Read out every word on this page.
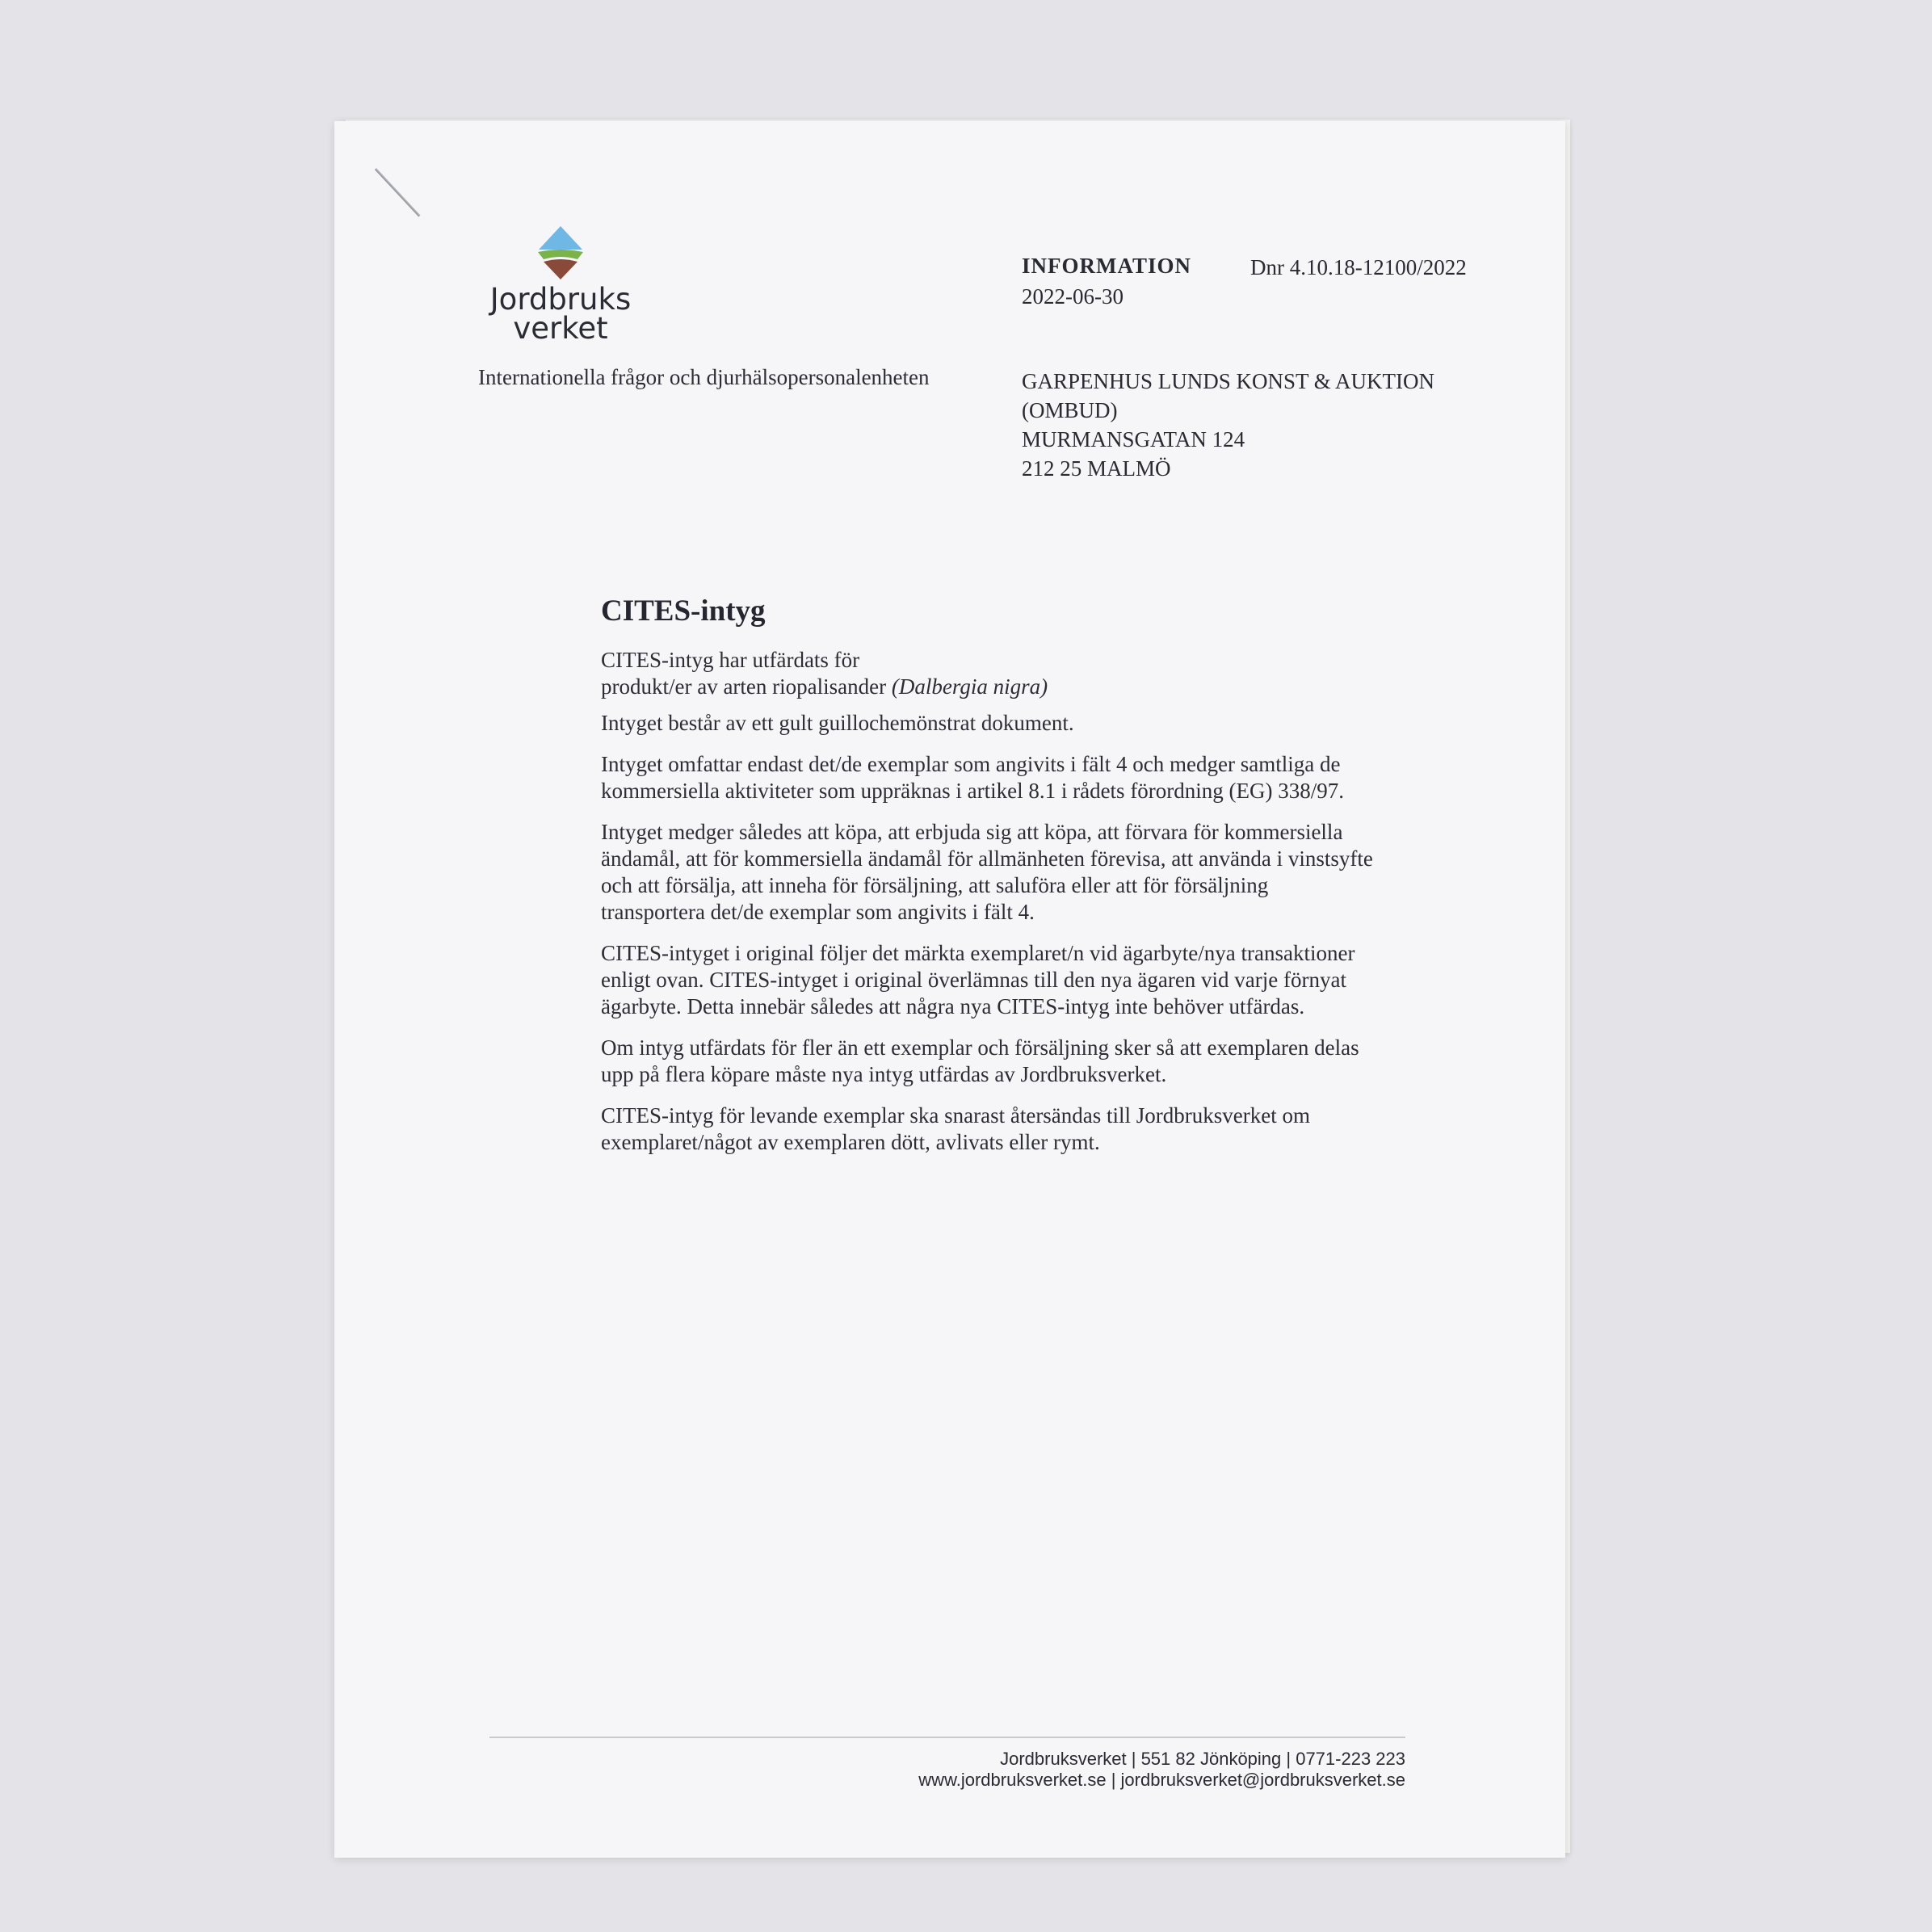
Jordbruks
verket
Internationella frågor och djurhälsopersonalenheten
INFORMATION	Dnr 4.10.18-12100/2022
2022-06-30
GARPENHUS LUNDS KONST & AUKTION
(OMBUD)
MURMANSGATAN 124
212 25 MALMÖ
CITES-intyg

CITES-intyg har utfärdats för
produkt/er av arten riopalisander (Dalbergia nigra)

Intyget består av ett gult guillochemönstrat dokument.

Intyget omfattar endast det/de exemplar som angivits i fält 4 och medger samtliga de kommersiella aktiviteter som uppräknas i artikel 8.1 i rådets förordning (EG) 338/97.

Intyget medger således att köpa, att erbjuda sig att köpa, att förvara för kommersiella ändamål, att för kommersiella ändamål för allmänheten förevisa, att använda i vinstsyfte och att försälja, att inneha för försäljning, att saluföra eller att för försäljning transportera det/de exemplar som angivits i fält 4.

CITES-intyget i original följer det märkta exemplaret/n vid ägarbyte/nya transaktioner enligt ovan. CITES-intyget i original överlämnas till den nya ägaren vid varje förnyat ägarbyte. Detta innebär således att några nya CITES-intyg inte behöver utfärdas.

Om intyg utfärdats för fler än ett exemplar och försäljning sker så att exemplaren delas upp på flera köpare måste nya intyg utfärdas av Jordbruksverket.

CITES-intyg för levande exemplar ska snarast återsändas till Jordbruksverket om exemplaret/något av exemplaren dött, avlivats eller rymt.

Jordbruksverket | 551 82 Jönköping | 0771-223 223
www.jordbruksverket.se | jordbruksverket@jordbruksverket.se
